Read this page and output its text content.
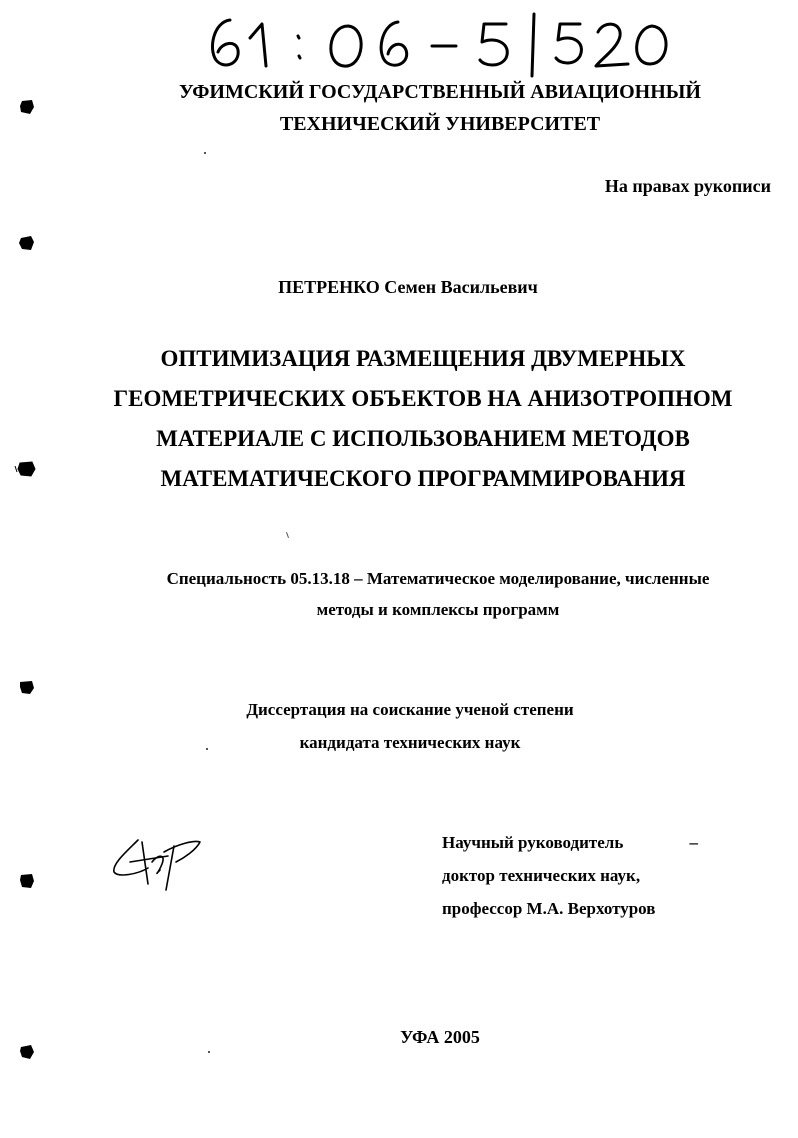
УФИМСКИЙ ГОСУДАРСТВЕННЫЙ АВИАЦИОННЫЙ
ТЕХНИЧЕСКИЙ УНИВЕРСИТЕТ
На правах рукописи
ПЕТРЕНКО Семен Васильевич
ОПТИМИЗАЦИЯ РАЗМЕЩЕНИЯ ДВУМЕРНЫХ
ГЕОМЕТРИЧЕСКИХ ОБЪЕКТОВ НА АНИЗОТРОПНОМ
МАТЕРИАЛЕ С ИСПОЛЬЗОВАНИЕМ МЕТОДОВ
МАТЕМАТИЧЕСКОГО ПРОГРАММИРОВАНИЯ
Специальность 05.13.18 – Математическое моделирование, численные
методы и комплексы программ
Диссертация на соискание ученой степени
кандидата технических наук
Научный руководитель	–
доктор технических наук,
профессор М.А. Верхотуров
УФА 2005
